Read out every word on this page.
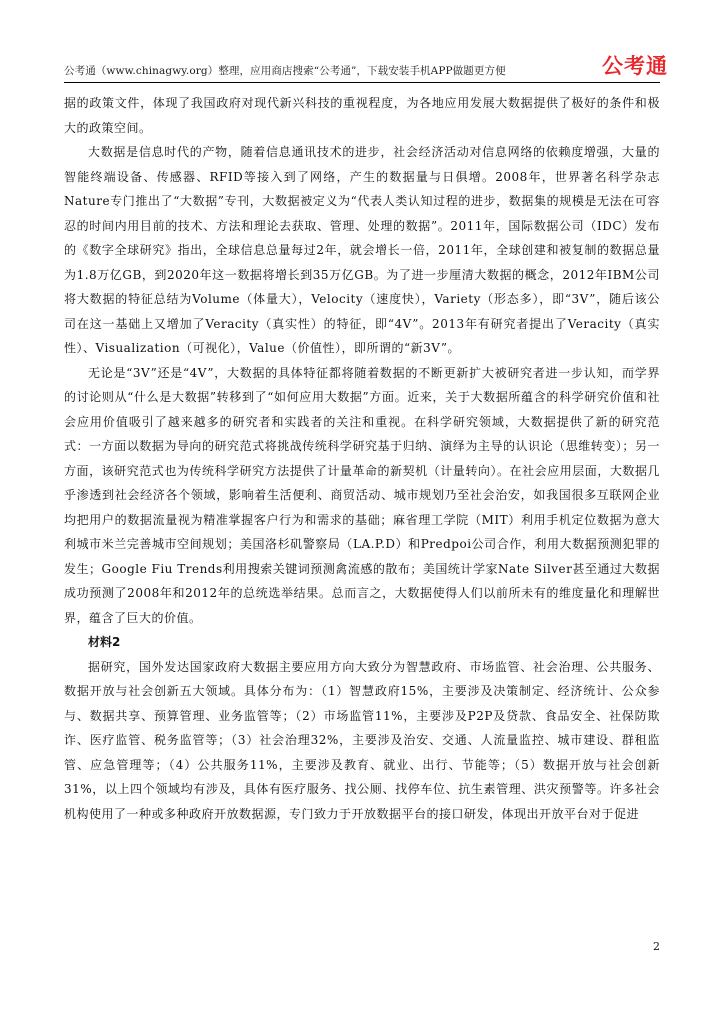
公考通（www.chinagwy.org）整理，应用商店搜索“公考通”，下载安装手机APP做题更方便	公考通

据的政策文件，体现了我国政府对现代新兴科技的重视程度，为各地应用发展大数据提供了极好的条件和极大的政策空间。

大数据是信息时代的产物，随着信息通讯技术的进步，社会经济活动对信息网络的依赖度增强，大量的智能终端设备、传感器、RFID等接入到了网络，产生的数据量与日俱增。2008年，世界著名科学杂志Nature专门推出了“大数据”专刊，大数据被定义为“代表人类认知过程的进步，数据集的规模是无法在可容忍的时间内用目前的技术、方法和理论去获取、管理、处理的数据”。2011年，国际数据公司（IDC）发布的《数字全球研究》指出，全球信息总量每过2年，就会增长一倍，2011年，全球创建和被复制的数据总量为1.8万亿GB，到2020年这一数据将增长到35万亿GB。为了进一步厘清大数据的概念，2012年IBM公司将大数据的特征总结为Volume（体量大），Velocity（速度快），Variety（形态多），即“3V”，随后该公司在这一基础上又增加了Veracity（真实性）的特征，即“4V”。2013年有研究者提出了Veracity（真实性）、Visualization（可视化），Value（价值性），即所谓的“新3V”。

无论是“3V”还是“4V”，大数据的具体特征都将随着数据的不断更新扩大被研究者进一步认知，而学界的讨论则从“什么是大数据”转移到了“如何应用大数据”方面。近来，关于大数据所蕴含的科学研究价值和社会应用价值吸引了越来越多的研究者和实践者的关注和重视。在科学研究领域，大数据提供了新的研究范式：一方面以数据为导向的研究范式将挑战传统科学研究基于归纳、演绎为主导的认识论（思维转变）；另一方面，该研究范式也为传统科学研究方法提供了计量革命的新契机（计量转向）。在社会应用层面，大数据几乎渗透到社会经济各个领域，影响着生活便利、商贸活动、城市规划乃至社会治安，如我国很多互联网企业均把用户的数据流量视为精准掌握客户行为和需求的基础；麻省理工学院（MIT）利用手机定位数据为意大利城市米兰完善城市空间规划；美国洛杉矶警察局（LA.P.D）和Predpoi公司合作，利用大数据预测犯罪的发生；Google Fiu Trends利用搜索关键词预测禽流感的散布；美国统计学家Nate Silver甚至通过大数据成功预测了2008年和2012年的总统选举结果。总而言之，大数据使得人们以前所未有的维度量化和理解世界，蕴含了巨大的价值。

材料2

据研究，国外发达国家政府大数据主要应用方向大致分为智慧政府、市场监管、社会治理、公共服务、数据开放与社会创新五大领域。具体分布为：（1）智慧政府15%，主要涉及决策制定、经济统计、公众参与、数据共享、预算管理、业务监管等；（2）市场监管11%，主要涉及P2P及贷款、食品安全、社保防欺诈、医疗监管、税务监管等；（3）社会治理32%，主要涉及治安、交通、人流量监控、城市建设、群租监管、应急管理等；（4）公共服务11%，主要涉及教育、就业、出行、节能等；（5）数据开放与社会创新31%，以上四个领域均有涉及，具体有医疗服务、找公厕、找停车位、抗生素管理、洪灾预警等。许多社会机构使用了一种或多种政府开放数据源，专门致力于开放数据平台的接口研发，体现出开放平台对于促进

2
